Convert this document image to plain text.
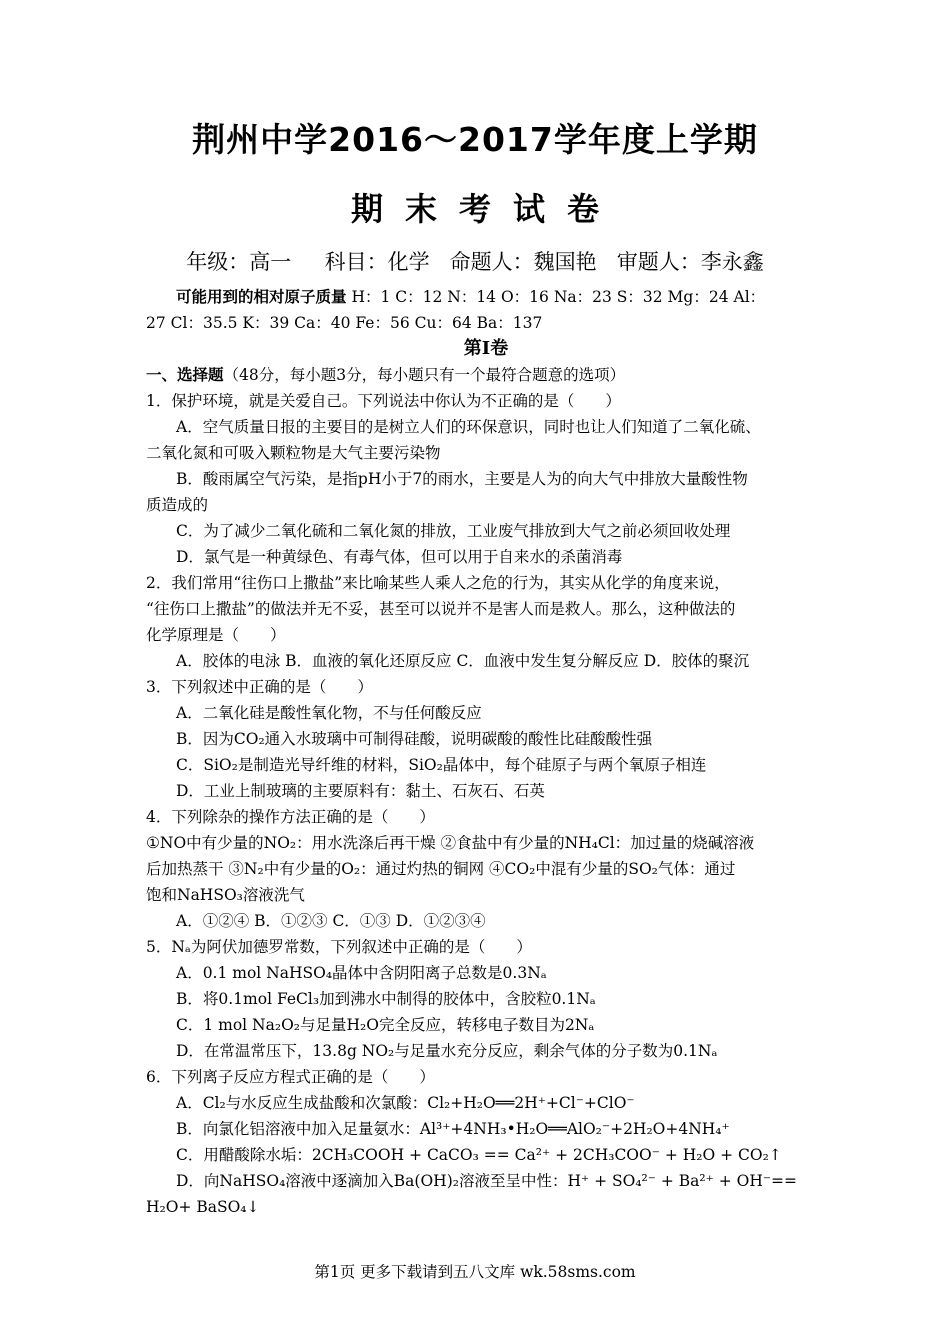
荆州中学2016～2017学年度上学期
期末考试卷
年级：高一     科目：化学   命题人：魏国艳   审题人：李永鑫
可能用到的相对原子质量 H：1 C：12 N：14 O：16 Na：23 S：32 Mg：24 Al：
27 Cl：35.5 K：39 Ca：40 Fe：56 Cu：64 Ba：137
第Ⅰ卷
一、选择题（48分，每小题3分，每小题只有一个最符合题意的选项）
1．保护环境，就是关爱自己。下列说法中你认为不正确的是（　　）
A．空气质量日报的主要目的是树立人们的环保意识，同时也让人们知道了二氧化硫、
二氧化氮和可吸入颗粒物是大气主要污染物
B．酸雨属空气污染，是指pH小于7的雨水，主要是人为的向大气中排放大量酸性物
质造成的
C．为了减少二氧化硫和二氧化氮的排放，工业废气排放到大气之前必须回收处理
D．氯气是一种黄绿色、有毒气体，但可以用于自来水的杀菌消毒
2．我们常用“往伤口上撒盐”来比喻某些人乘人之危的行为，其实从化学的角度来说，
“往伤口上撒盐”的做法并无不妥，甚至可以说并不是害人而是救人。那么，这种做法的
化学原理是（　　）
A．胶体的电泳 B．血液的氧化还原反应 C．血液中发生复分解反应 D．胶体的聚沉
3．下列叙述中正确的是（　　）
A．二氧化硅是酸性氧化物，不与任何酸反应
B．因为CO₂通入水玻璃中可制得硅酸，说明碳酸的酸性比硅酸酸性强
C．SiO₂是制造光导纤维的材料，SiO₂晶体中，每个硅原子与两个氧原子相连
D．工业上制玻璃的主要原料有：黏土、石灰石、石英
4．下列除杂的操作方法正确的是（　　）
①NO中有少量的NO₂：用水洗涤后再干燥 ②食盐中有少量的NH₄Cl：加过量的烧碱溶液
后加热蒸干 ③N₂中有少量的O₂：通过灼热的铜网 ④CO₂中混有少量的SO₂气体：通过
饱和NaHSO₃溶液洗气
A．①②④ B．①②③ C．①③ D．①②③④
5．Nₐ为阿伏加德罗常数，下列叙述中正确的是（　　）
A．0.1 mol NaHSO₄晶体中含阴阳离子总数是0.3Nₐ
B．将0.1mol FeCl₃加到沸水中制得的胶体中，含胶粒0.1Nₐ
C．1 mol Na₂O₂与足量H₂O完全反应，转移电子数目为2Nₐ
D．在常温常压下，13.8g NO₂与足量水充分反应，剩余气体的分子数为0.1Nₐ
6．下列离子反应方程式正确的是（　　）
A．Cl₂与水反应生成盐酸和次氯酸：Cl₂+H₂O══2H⁺+Cl⁻+ClO⁻
B．向氯化铝溶液中加入足量氨水：Al³⁺+4NH₃•H₂O══AlO₂⁻+2H₂O+4NH₄⁺
C．用醋酸除水垢：2CH₃COOH + CaCO₃ == Ca²⁺ + 2CH₃COO⁻ + H₂O + CO₂↑
D．向NaHSO₄溶液中逐滴加入Ba(OH)₂溶液至呈中性：H⁺ + SO₄²⁻ + Ba²⁺ + OH⁻==
H₂O+ BaSO₄↓
第1页 更多下载请到五八文库 wk.58sms.com
